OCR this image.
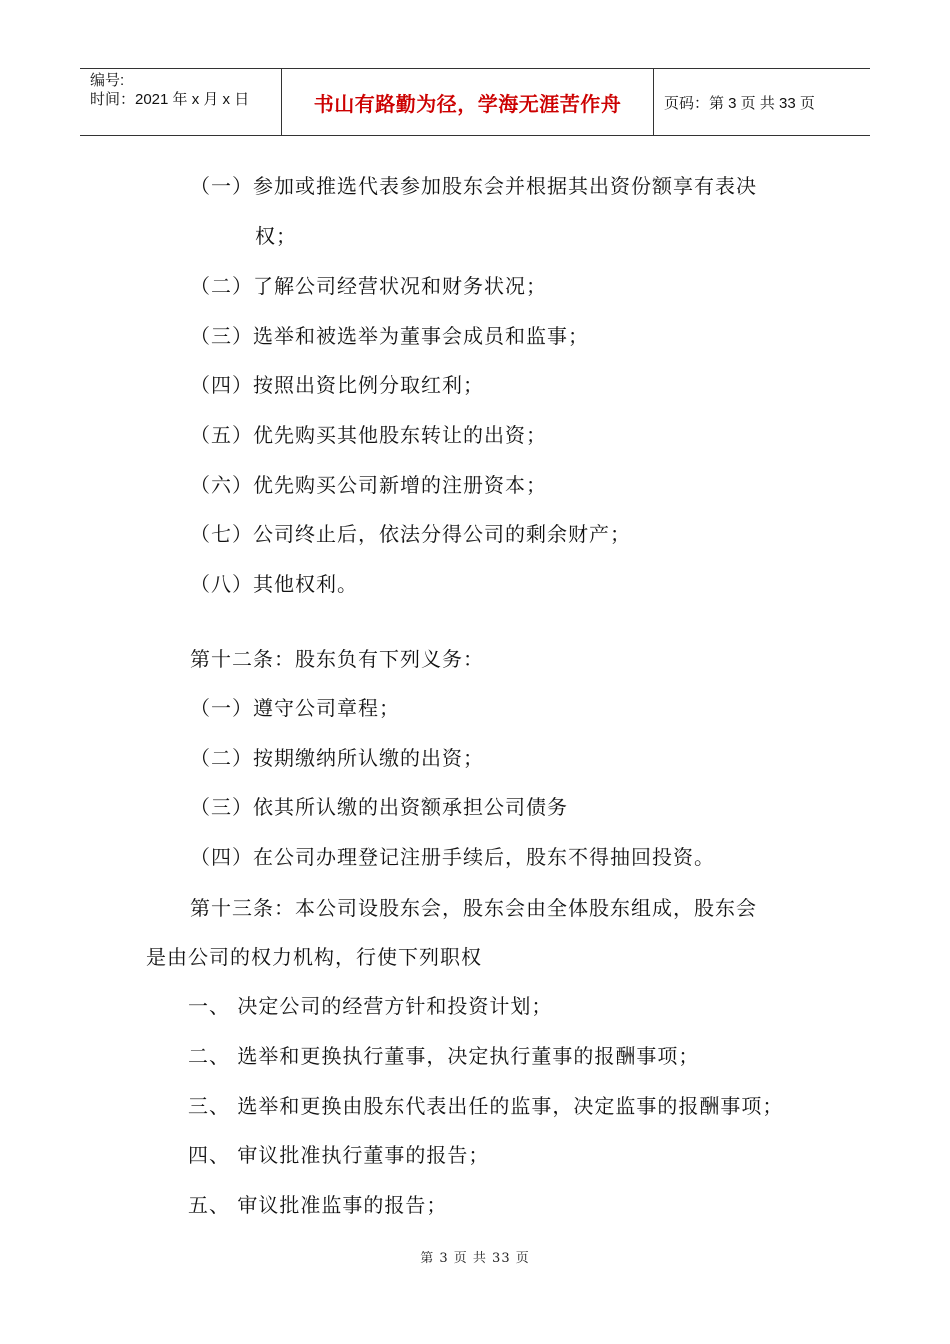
编号:
时间：2021 年 x 月 x 日	书山有路勤为径，学海无涯苦作舟	页码：第 3 页 共 33 页
（一）参加或推选代表参加股东会并根据其出资份额享有表决
权；
（二）了解公司经营状况和财务状况；
（三）选举和被选举为董事会成员和监事；
（四）按照出资比例分取红利；
（五）优先购买其他股东转让的出资；
（六）优先购买公司新增的注册资本；
（七）公司终止后，依法分得公司的剩余财产；
（八）其他权利。
第十二条：股东负有下列义务：
（一）遵守公司章程；
（二）按期缴纳所认缴的出资；
（三）依其所认缴的出资额承担公司债务
（四）在公司办理登记注册手续后，股东不得抽回投资。
第十三条：本公司设股东会，股东会由全体股东组成，股东会
是由公司的权力机构，行使下列职权
一、 决定公司的经营方针和投资计划；
二、 选举和更换执行董事，决定执行董事的报酬事项；
三、 选举和更换由股东代表出任的监事，决定监事的报酬事项；
四、 审议批准执行董事的报告；
五、 审议批准监事的报告；
第 3 页 共 33 页
